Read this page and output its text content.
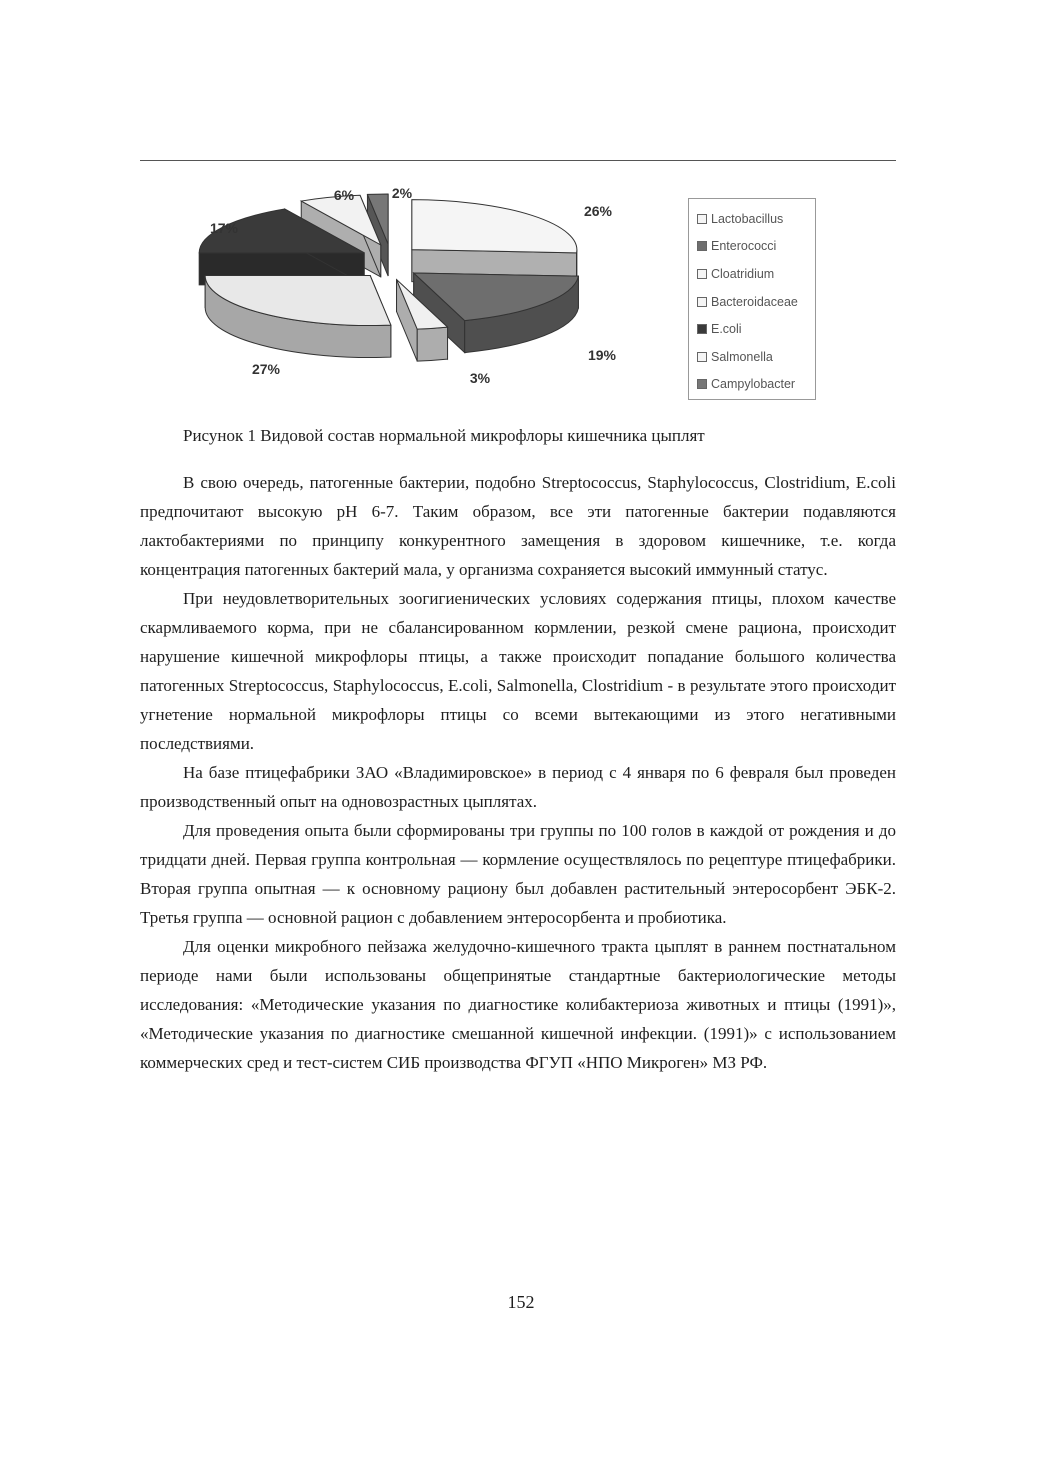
26%
19%
3%
27%
17%
6%	2%
Lactobacillus
Enterococci
Cloatridium
Bacteroidaceae
E.coli
Salmonella
Campylobacter
Рисунок 1 Видовой состав нормальной микрофлоры кишечника цыплят

В свою очередь, патогенные бактерии, подобно Streptococcus, Staphylococcus, Clostridium, E.coli предпочитают высокую pH 6-7. Таким образом, все эти патогенные бактерии подавляются лактобактериями по принципу конкурентного замещения в здоровом кишечнике, т.е. когда концентрация патогенных бактерий мала, у организма сохраняется высокий иммунный статус.

При неудовлетворительных зоогигиенических условиях содержания птицы, плохом качестве скармливаемого корма, при не сбалансированном кормлении, резкой смене рациона, происходит нарушение кишечной микрофлоры птицы, а также происходит попадание большого количества патогенных Streptococcus, Staphylococcus, E.coli, Salmonella, Clostridium - в результате этого происходит угнетение нормальной микрофлоры птицы со всеми вытекающими из этого негативными последствиями.

На базе птицефабрики ЗАО «Владимировское» в период с 4 января по 6 февраля был проведен производственный опыт на одновозрастных цыплятах.

Для проведения опыта были сформированы три группы по 100 голов в каждой от рождения и до тридцати дней. Первая группа контрольная — кормление осуществлялось по рецептуре птицефабрики. Вторая группа опытная — к основному рациону был добавлен растительный энтеросорбент ЭБК-2. Третья группа — основной рацион с добавлением энтеросорбента и пробиотика.

Для оценки микробного пейзажа желудочно-кишечного тракта цыплят в раннем постнатальном периоде нами были использованы общепринятые стандартные бактериологические методы исследования: «Методические указания по диагностике колибактериоза животных и птицы (1991)», «Методические указания по диагностике смешанной кишечной инфекции. (1991)» с использованием коммерческих сред и тест-систем СИБ производства ФГУП «НПО Микроген» МЗ РФ.

152
